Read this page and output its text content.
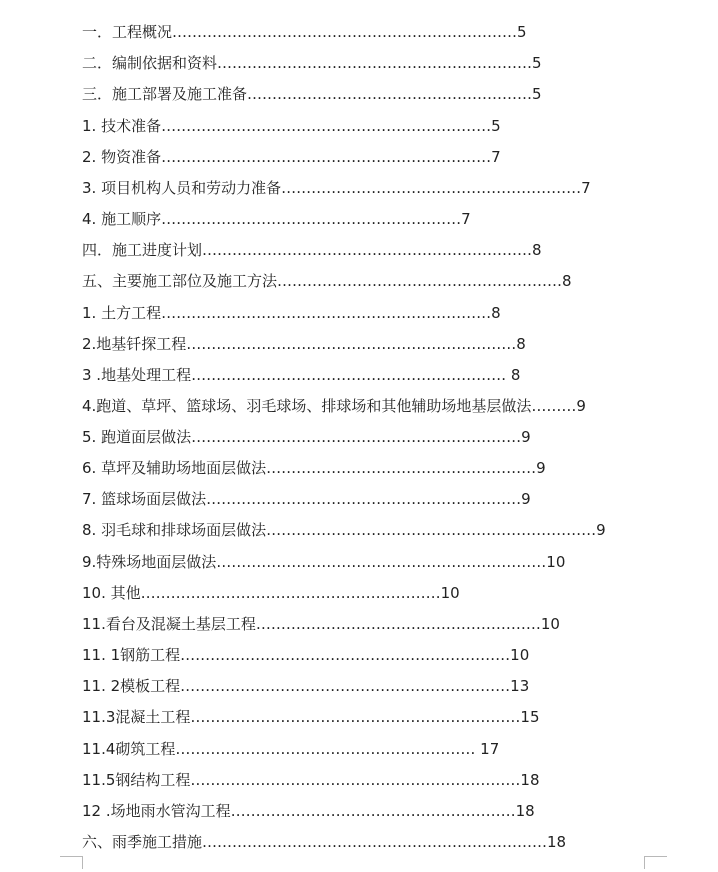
一．工程概况……………………………………………………………5
二．编制依据和资料………………………………………………………5
三．施工部署及施工准备…………………………………………………5
1. 技术准备…………………………………………………………5
2. 物资准备…………………………………………………………7
3. 项目机构人员和劳动力准备……………………………………………………7
4. 施工顺序……………………………………………………7
四．施工进度计划…………………………………………………………8
五、主要施工部位及施工方法…………………………………………………8
1. 土方工程…………………………………………………………8
2.地基钎探工程…………………………………………………………8
3 .地基处理工程……………………………………………………… 8
4.跑道、草坪、篮球场、羽毛球场、排球场和其他辅助场地基层做法………9
5. 跑道面层做法…………………………………………………………9
6. 草坪及辅助场地面层做法………………………………………………9
7. 篮球场面层做法………………………………………………………9
8. 羽毛球和排球场面层做法…………………………………………………………9
9.特殊场地面层做法…………………………………………………………10
10. 其他……………………………………………………10
11.看台及混凝土基层工程…………………………………………………10
11. 1钢筋工程…………………………………………………………10
11. 2模板工程…………………………………………………………13
11.3混凝土工程…………………………………………………………15
11.4砌筑工程…………………………………………………… 17
11.5钢结构工程…………………………………………………………18
12 .场地雨水管沟工程…………………………………………………18
六、雨季施工措施……………………………………………………………18
